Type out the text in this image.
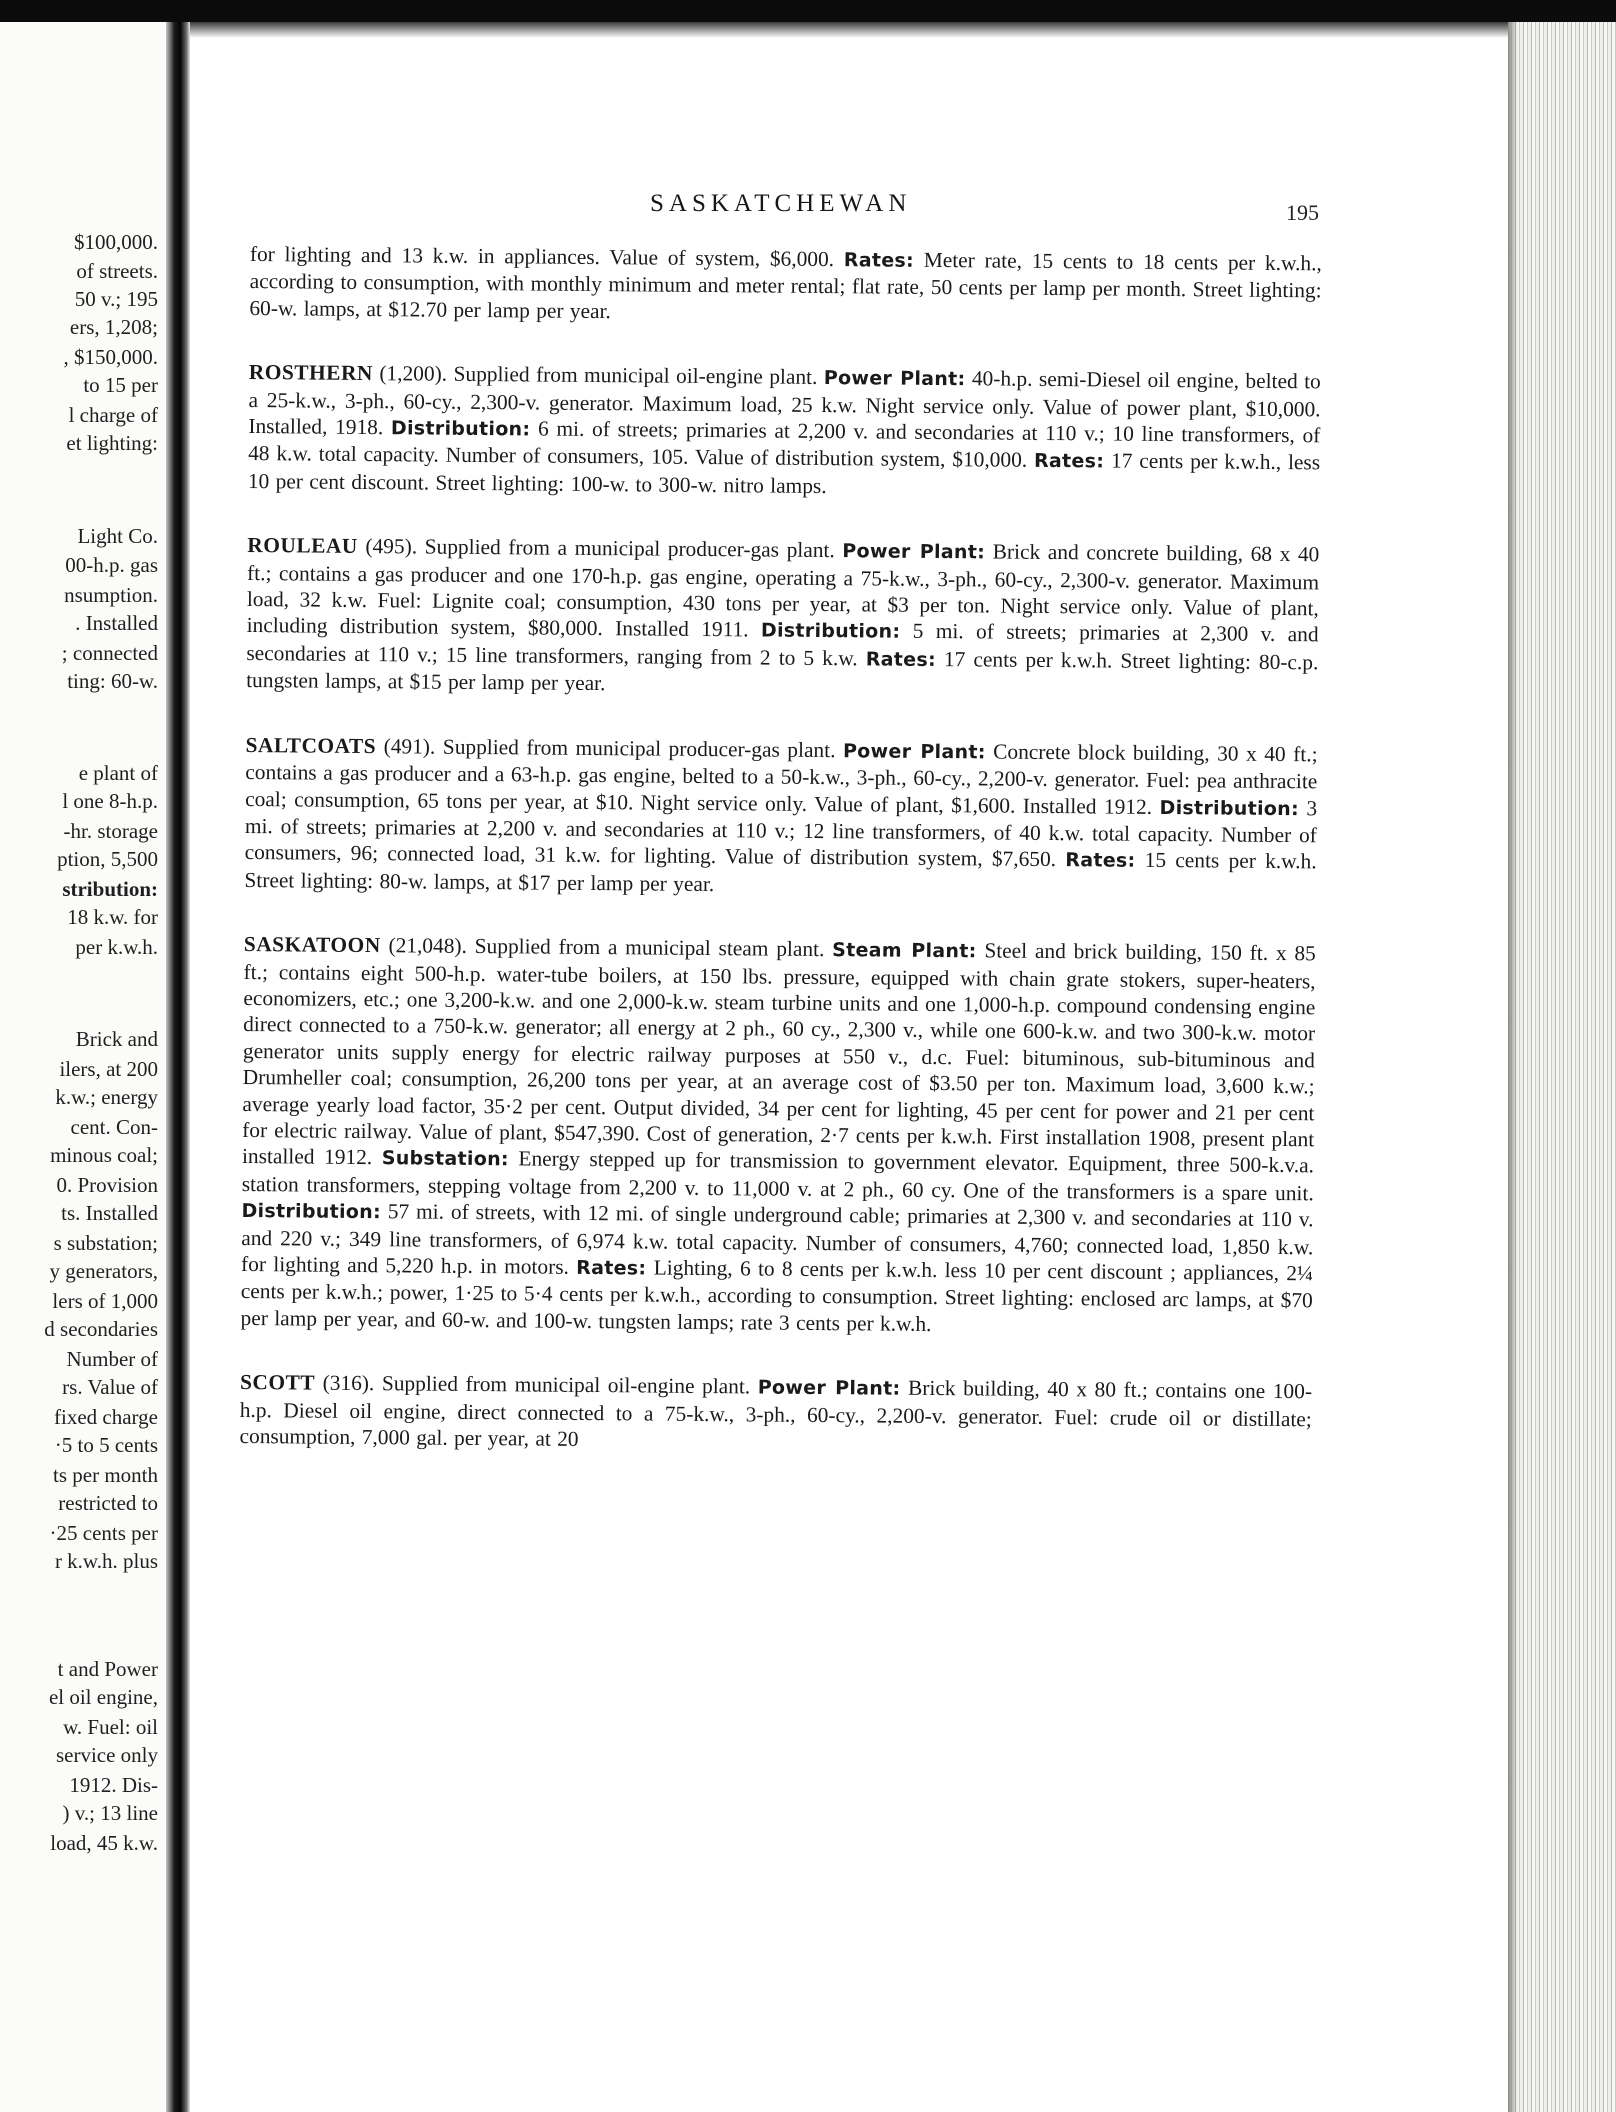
$100,000.
of streets.
50 v.; 195
ers, 1,208;
, $150,000.
to 15 per
l charge of
et lighting:
Light Co.
00-h.p. gas
nsumption.
. Installed
; connected
ting: 60-w.
e plant of
l one 8-h.p.
-hr. storage
ption, 5,500
stribution:
18 k.w. for
per k.w.h.
Brick and
ilers, at 200
k.w.; energy
cent. Con-
minous coal;
0. Provision
ts. Installed
s substation;
y generators,
lers of 1,000
d secondaries
Number of
rs. Value of
fixed charge
·5 to 5 cents
ts per month
restricted to
·25 cents per
r k.w.h. plus
t and Power
el oil engine,
w. Fuel: oil
service only
1912. Dis-
) v.; 13 line
load, 45 k.w.
SASKATCHEWAN	195

for lighting and 13 k.w. in appliances. Value of system, $6,000. Rates: Meter rate, 15 cents to 18 cents per k.w.h., according to consumption, with monthly minimum and meter rental; flat rate, 50 cents per lamp per month. Street lighting: 60-w. lamps, at $12.70 per lamp per year.

ROSTHERN (1,200). Supplied from municipal oil-engine plant. Power Plant: 40-h.p. semi-Diesel oil engine, belted to a 25-k.w., 3-ph., 60-cy., 2,300-v. generator. Maximum load, 25 k.w. Night service only. Value of power plant, $10,000. Installed, 1918. Distribution: 6 mi. of streets; primaries at 2,200 v. and secondaries at 110 v.; 10 line transformers, of 48 k.w. total capacity. Number of consumers, 105. Value of distribution system, $10,000. Rates: 17 cents per k.w.h., less 10 per cent discount. Street lighting: 100-w. to 300-w. nitro lamps.

ROULEAU (495). Supplied from a municipal producer-gas plant. Power Plant: Brick and concrete building, 68 x 40 ft.; contains a gas producer and one 170-h.p. gas engine, operating a 75-k.w., 3-ph., 60-cy., 2,300-v. generator. Maximum load, 32 k.w. Fuel: Lignite coal; consumption, 430 tons per year, at $3 per ton. Night service only. Value of plant, including distribution system, $80,000. Installed 1911. Distribution: 5 mi. of streets; primaries at 2,300 v. and secondaries at 110 v.; 15 line transformers, ranging from 2 to 5 k.w. Rates: 17 cents per k.w.h. Street lighting: 80-c.p. tungsten lamps, at $15 per lamp per year.

SALTCOATS (491). Supplied from municipal producer-gas plant. Power Plant: Concrete block building, 30 x 40 ft.; contains a gas producer and a 63-h.p. gas engine, belted to a 50-k.w., 3-ph., 60-cy., 2,200-v. generator. Fuel: pea anthracite coal; consumption, 65 tons per year, at $10. Night service only. Value of plant, $1,600. Installed 1912. Distribution: 3 mi. of streets; primaries at 2,200 v. and secondaries at 110 v.; 12 line transformers, of 40 k.w. total capacity. Number of consumers, 96; connected load, 31 k.w. for lighting. Value of distribution system, $7,650. Rates: 15 cents per k.w.h. Street lighting: 80-w. lamps, at $17 per lamp per year.

SASKATOON (21,048). Supplied from a municipal steam plant. Steam Plant: Steel and brick building, 150 ft. x 85 ft.; contains eight 500-h.p. water-tube boilers, at 150 lbs. pressure, equipped with chain grate stokers, super-heaters, economizers, etc.; one 3,200-k.w. and one 2,000-k.w. steam turbine units and one 1,000-h.p. compound condensing engine direct connected to a 750-k.w. generator; all energy at 2 ph., 60 cy., 2,300 v., while one 600-k.w. and two 300-k.w. motor generator units supply energy for electric railway purposes at 550 v., d.c. Fuel: bituminous, sub-bituminous and Drumheller coal; consumption, 26,200 tons per year, at an average cost of $3.50 per ton. Maximum load, 3,600 k.w.; average yearly load factor, 35·2 per cent. Output divided, 34 per cent for lighting, 45 per cent for power and 21 per cent for electric railway. Value of plant, $547,390. Cost of generation, 2·7 cents per k.w.h. First installation 1908, present plant installed 1912. Substation: Energy stepped up for transmission to government elevator. Equipment, three 500-k.v.a. station transformers, stepping voltage from 2,200 v. to 11,000 v. at 2 ph., 60 cy. One of the transformers is a spare unit. Distribution: 57 mi. of streets, with 12 mi. of single underground cable; primaries at 2,300 v. and secondaries at 110 v. and 220 v.; 349 line transformers, of 6,974 k.w. total capacity. Number of consumers, 4,760; connected load, 1,850 k.w. for lighting and 5,220 h.p. in motors. Rates: Lighting, 6 to 8 cents per k.w.h. less 10 per cent discount ; appliances, 2¼ cents per k.w.h.; power, 1·25 to 5·4 cents per k.w.h., according to consumption. Street lighting: enclosed arc lamps, at $70 per lamp per year, and 60-w. and 100-w. tungsten lamps; rate 3 cents per k.w.h.

SCOTT (316). Supplied from municipal oil-engine plant. Power Plant: Brick building, 40 x 80 ft.; contains one 100-h.p. Diesel oil engine, direct connected to a 75-k.w., 3-ph., 60-cy., 2,200-v. generator. Fuel: crude oil or distillate; consumption, 7,000 gal. per year, at 20
